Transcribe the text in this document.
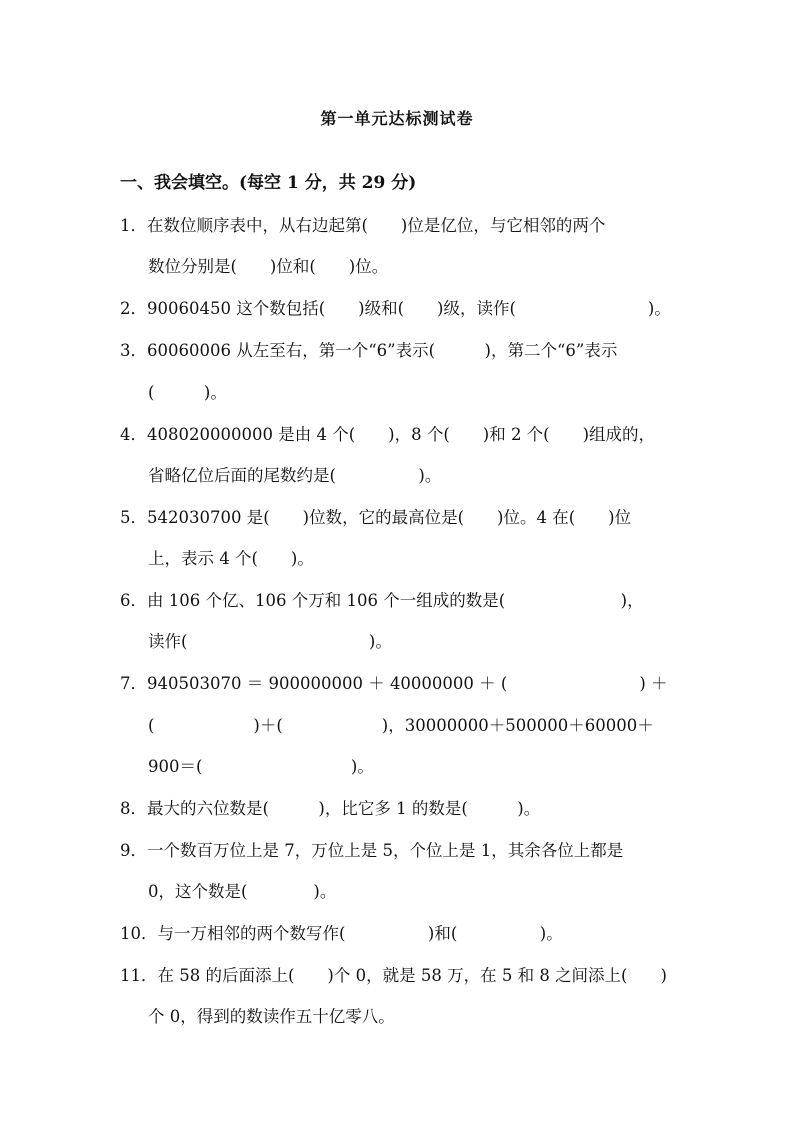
第一单元达标测试卷
一、我会填空。(每空 1 分，共 29 分)
1．在数位顺序表中，从右边起第(　　)位是亿位，与它相邻的两个
数位分别是(　　)位和(　　)位。
2．90060450 这个数包括(　　)级和(　　)级，读作(　　　　　　　　)。
3．60060006 从左至右，第一个“6”表示(　　　)，第二个“6”表示
(　　　)。
4．408020000000 是由 4 个(　　)，8 个(　　)和 2 个(　　)组成的，
省略亿位后面的尾数约是(　　　　　)。
5．542030700 是(　　)位数，它的最高位是(　　)位。4 在(　　)位
上，表示 4 个(　　)。
6．由 106 个亿、106 个万和 106 个一组成的数是(　　　　　　　)，
读作(　　　　　　　　　　　)。
7．940503070 ＝ 900000000 ＋ 40000000 ＋ (　　　　　　　　) ＋
(　　　　　　)＋(　　　　　　)，30000000＋500000＋60000＋
900＝(　　　　　　　　　)。
8．最大的六位数是(　　　)，比它多 1 的数是(　　　)。
9．一个数百万位上是 7，万位上是 5，个位上是 1，其余各位上都是
0，这个数是(　　　　)。
10．与一万相邻的两个数写作(　　　　　)和(　　　　　)。
11．在 58 的后面添上(　　)个 0，就是 58 万，在 5 和 8 之间添上(　　)
个 0，得到的数读作五十亿零八。
